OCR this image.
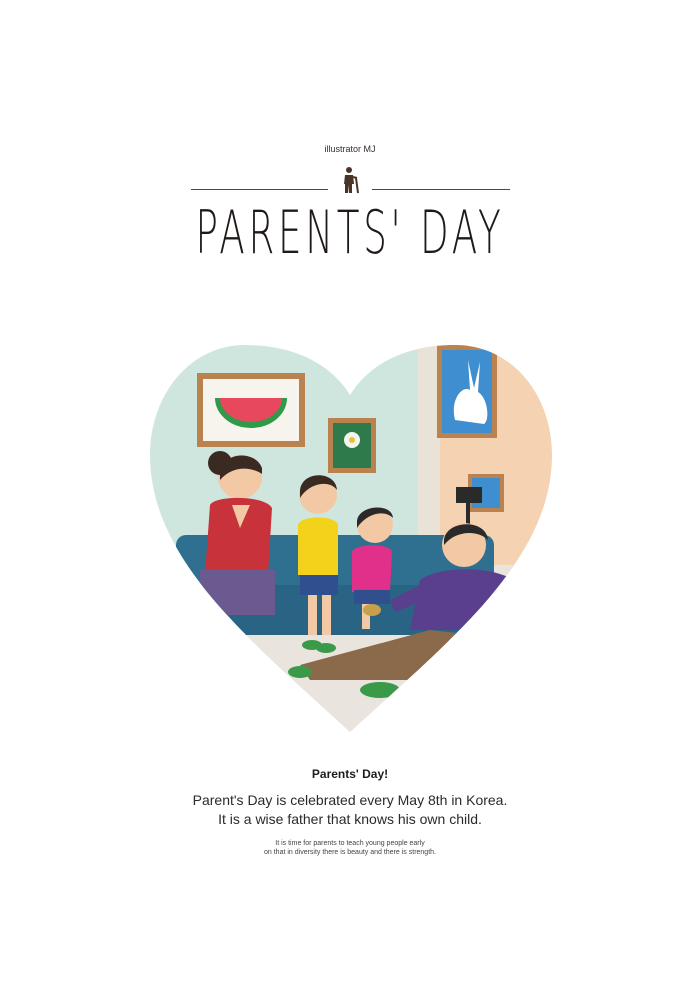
illustrator MJ
PARENTS' DAY
Parents' Day!
Parent's Day is celebrated every May 8th in Korea.
It is a wise father that knows his own child.
It is time for parents to teach young people early
on that in diversity there is beauty and there is strength.
